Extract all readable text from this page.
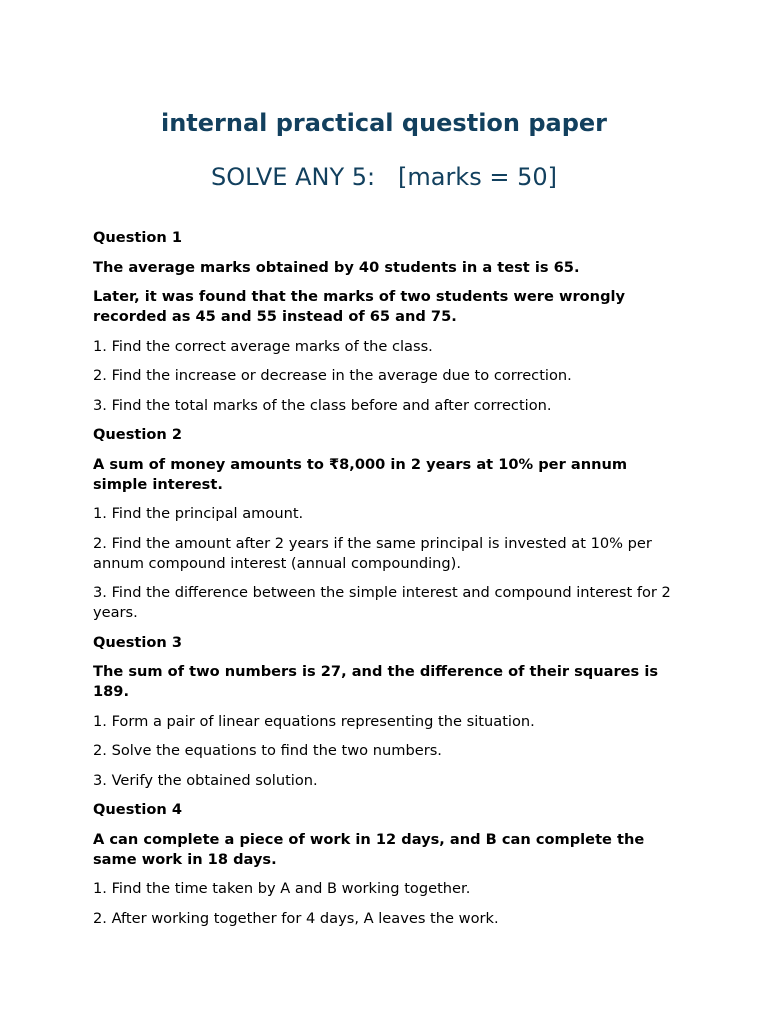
internal practical question paper
SOLVE ANY 5:   [marks = 50]

Question 1

The average marks obtained by 40 students in a test is 65.

Later, it was found that the marks of two students were wrongly recorded as 45 and 55 instead of 65 and 75.

1. Find the correct average marks of the class.

2. Find the increase or decrease in the average due to correction.

3. Find the total marks of the class before and after correction.

Question 2

A sum of money amounts to ₹8,000 in 2 years at 10% per annum simple interest.

1. Find the principal amount.

2. Find the amount after 2 years if the same principal is invested at 10% per annum compound interest (annual compounding).

3. Find the difference between the simple interest and compound interest for 2 years.

Question 3

The sum of two numbers is 27, and the difference of their squares is 189.

1. Form a pair of linear equations representing the situation.

2. Solve the equations to find the two numbers.

3. Verify the obtained solution.

Question 4

A can complete a piece of work in 12 days, and B can complete the same work in 18 days.

1. Find the time taken by A and B working together.

2. After working together for 4 days, A leaves the work.
